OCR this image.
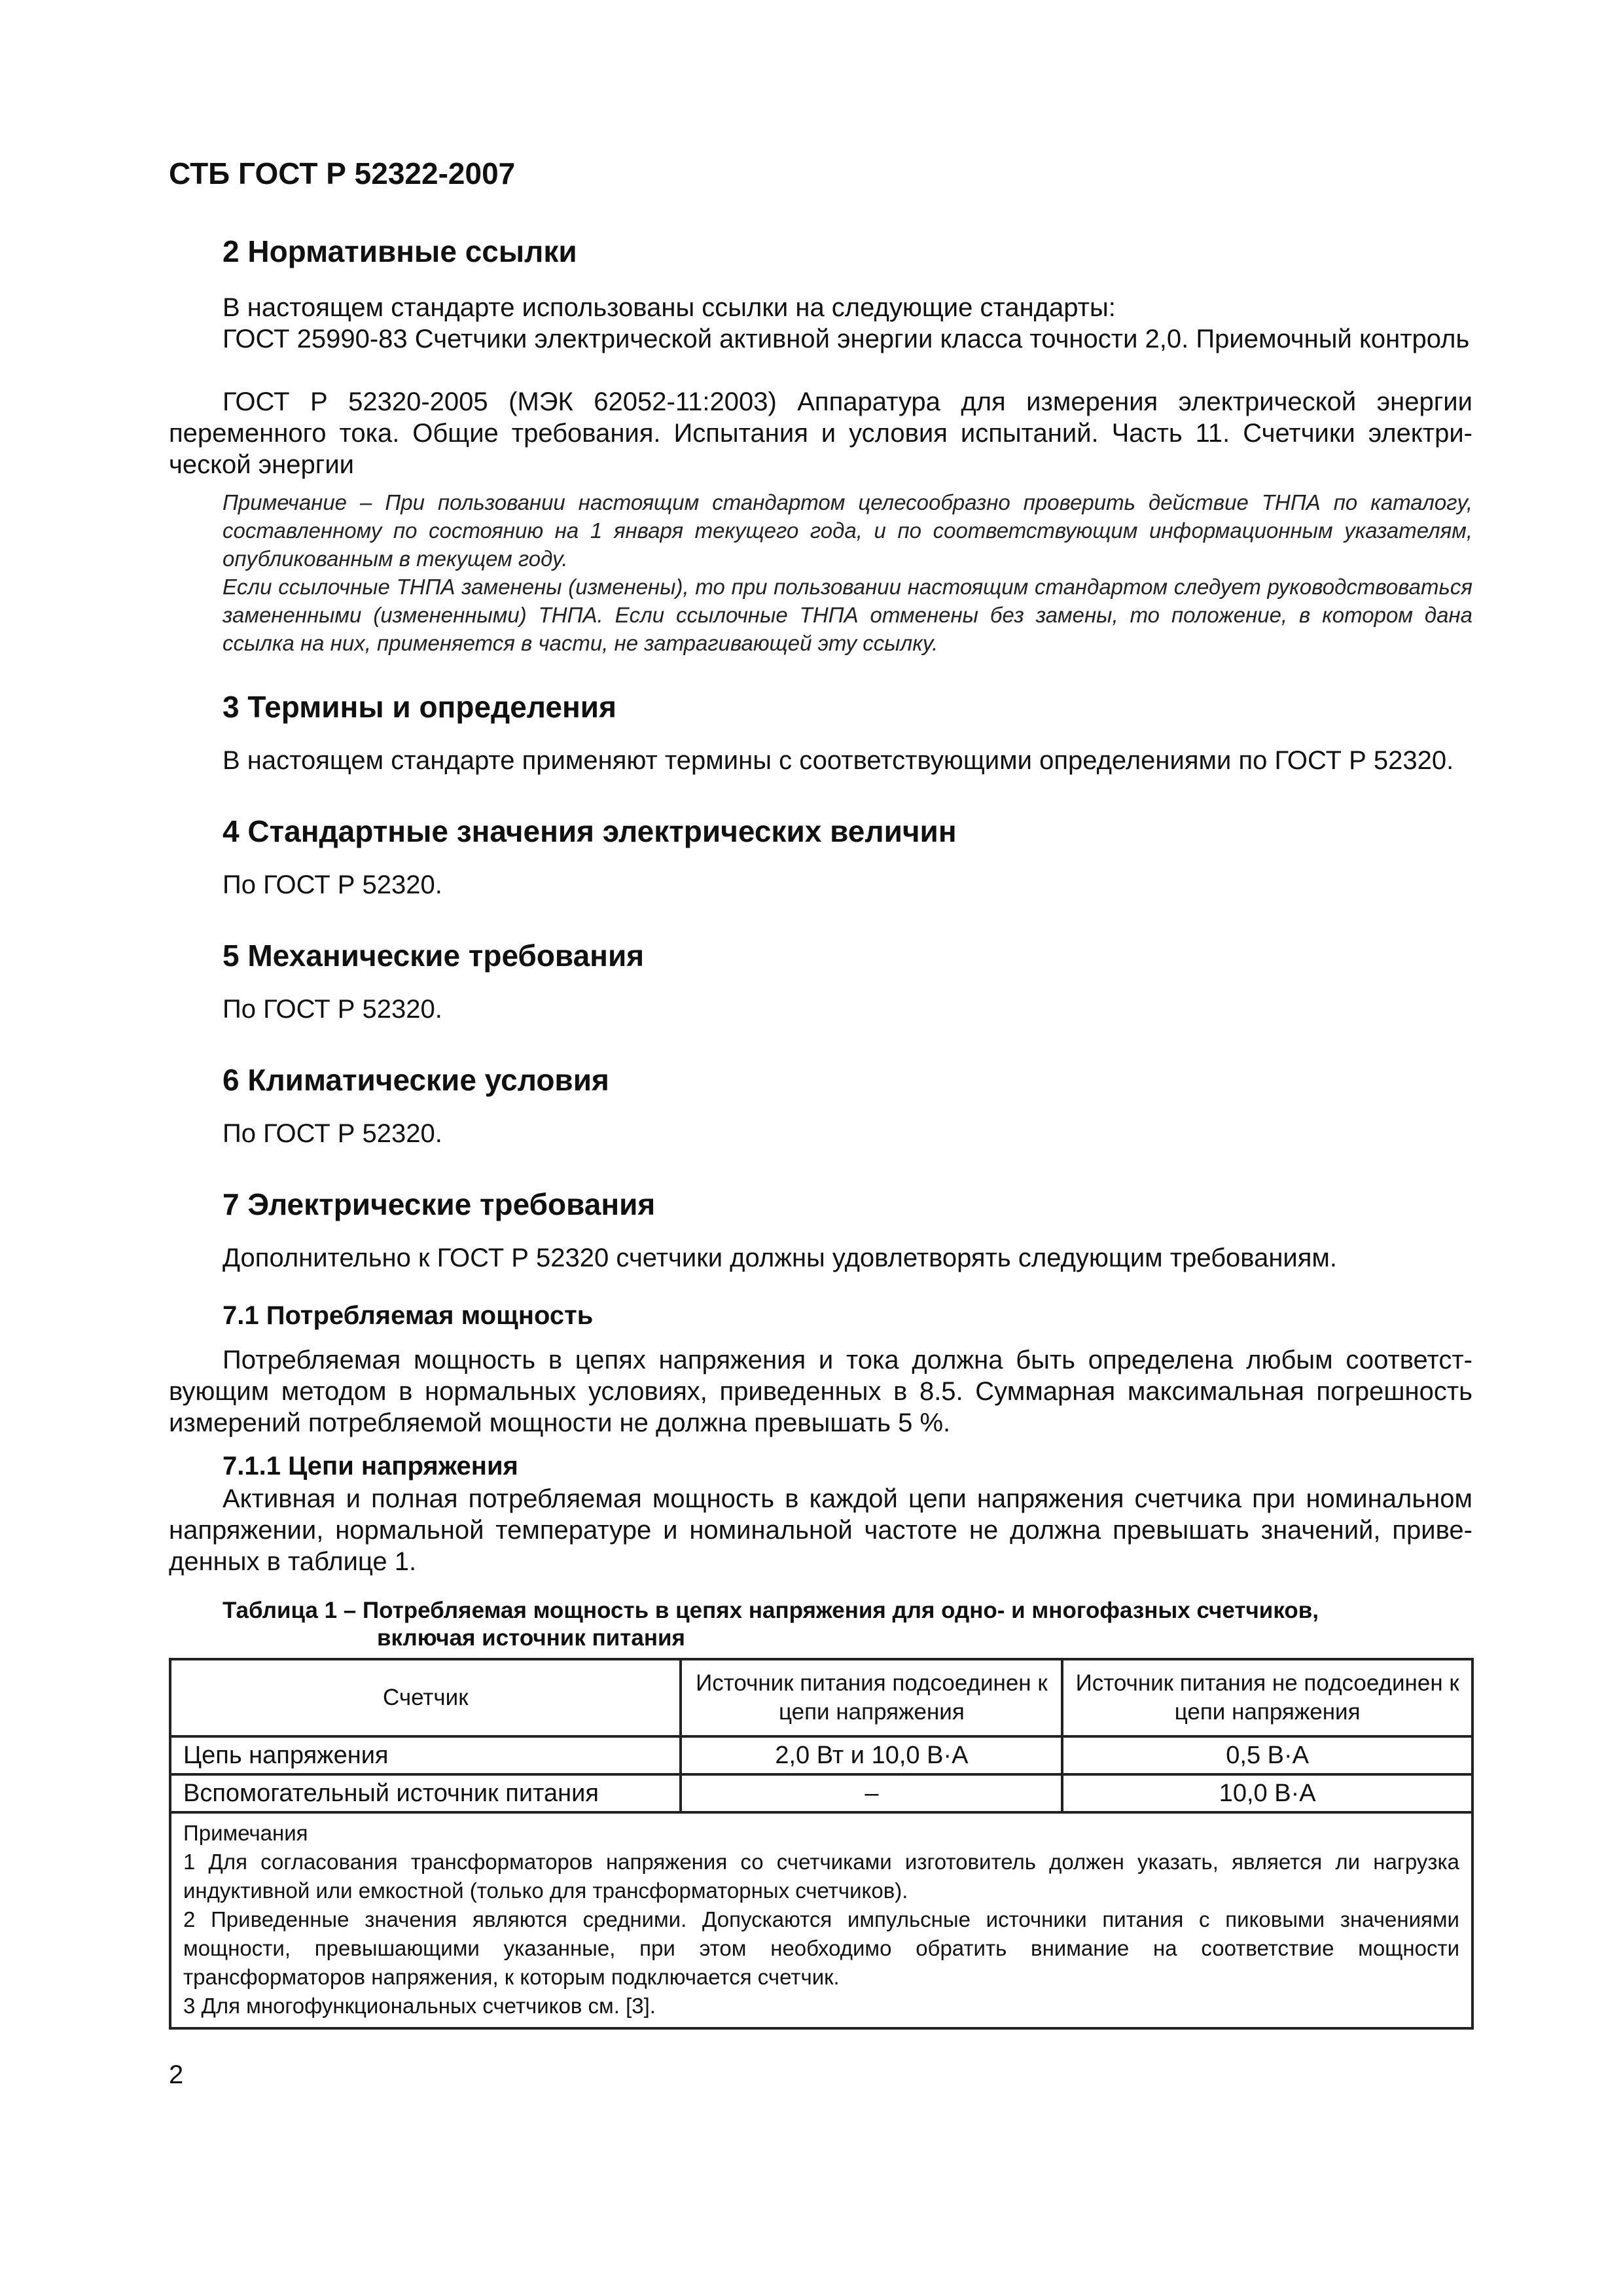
СТБ ГОСТ Р 52322-2007
2 Нормативные ссылки
В настоящем стандарте использованы ссылки на следующие стандарты:

ГОСТ 25990-83 Счетчики электрической активной энергии класса точности 2,0. Приемочный контроль

ГОСТ Р 52320-2005 (МЭК 62052-11:2003) Аппаратура для измерения электрической энергии переменного тока. Общие требования. Испытания и условия испытаний. Часть 11. Счетчики электрической энергии

Примечание – При пользовании настоящим стандартом целесообразно проверить действие ТНПА по каталогу, составленному по состоянию на 1 января текущего года, и по соответствующим информационным указателям, опубликованным в текущем году.

Если ссылочные ТНПА заменены (изменены), то при пользовании настоящим стандартом следует руководствоваться замененными (измененными) ТНПА. Если ссылочные ТНПА отменены без замены, то положение, в котором дана ссылка на них, применяется в части, не затрагивающей эту ссылку.

3 Термины и определения
В настоящем стандарте применяют термины с соответствующими определениями по ГОСТ Р 52320.
4 Стандартные значения электрических величин
По ГОСТ Р 52320.
5 Механические требования
По ГОСТ Р 52320.
6 Климатические условия
По ГОСТ Р 52320.
7 Электрические требования
Дополнительно к ГОСТ Р 52320 счетчики должны удовлетворять следующим требованиям.
7.1 Потребляемая мощность

Потребляемая мощность в цепях напряжения и тока должна быть определена любым соответствующим методом в нормальных условиях, приведенных в 8.5. Суммарная максимальная погрешность измерений потребляемой мощности не должна превышать 5 %.

7.1.1 Цепи напряжения

Активная и полная потребляемая мощность в каждой цепи напряжения счетчика при номинальном напряжении, нормальной температуре и номинальной частоте не должна превышать значений, приведенных в таблице 1.

Таблица 1 – Потребляемая мощность в цепях напряжения для одно- и многофазных счетчиков,
включая источник питания
Счетчик	Источник питания подсоединен к цепи напряжения	Источник питания не подсоединен к цепи напряжения
Цепь напряжения	2,0 Вт и 10,0 В·А	0,5 В·А
Вспомогательный источник питания	–	10,0 В·А

Примечания
1 Для согласования трансформаторов напряжения со счетчиками изготовитель должен указать, является ли нагрузка индуктивной или емкостной (только для трансформаторных счетчиков).
2 Приведенные значения являются средними. Допускаются импульсные источники питания с пиковыми значениями мощности, превышающими указанные, при этом необходимо обратить внимание на соответствие мощности трансформаторов напряжения, к которым подключается счетчик.
3 Для многофункциональных счетчиков см. [3].		
2
